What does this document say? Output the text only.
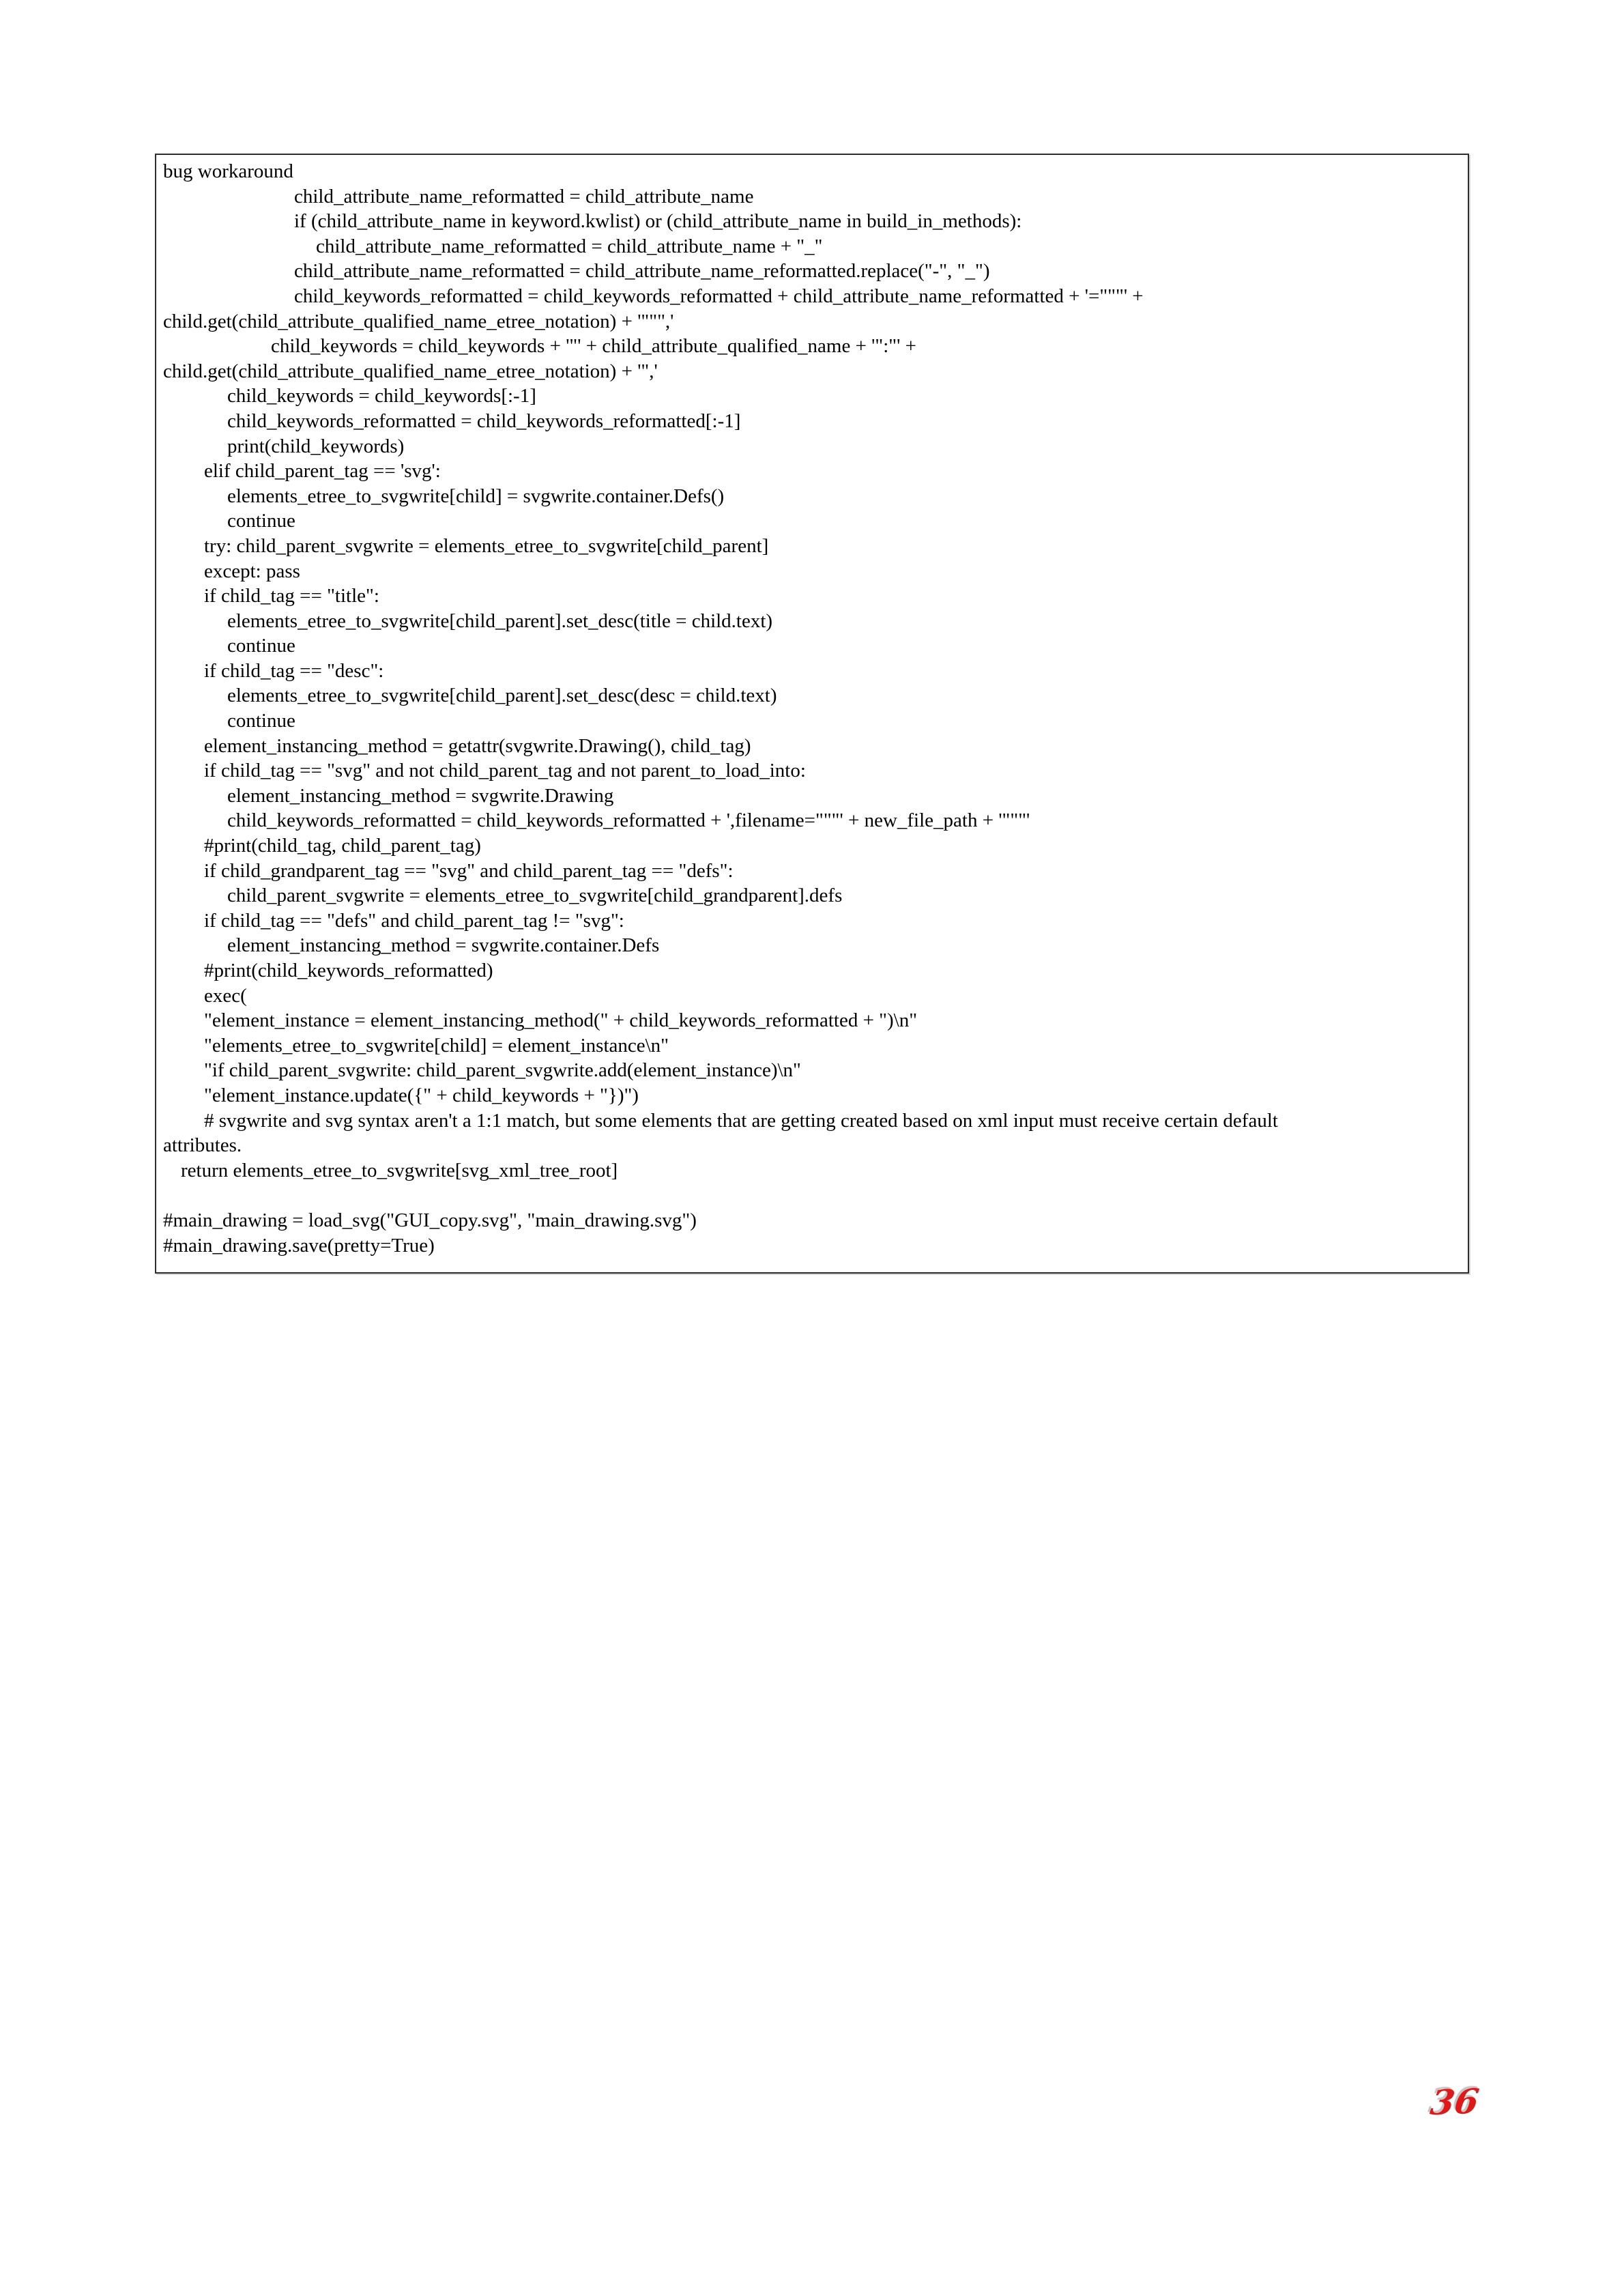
bug workaround
child_attribute_name_reformatted = child_attribute_name
if (child_attribute_name in keyword.kwlist) or (child_attribute_name in build_in_methods):
child_attribute_name_reformatted = child_attribute_name + "_"
child_attribute_name_reformatted = child_attribute_name_reformatted.replace("-", "_")
child_keywords_reformatted = child_keywords_reformatted + child_attribute_name_reformatted + '="""' +
child.get(child_attribute_qualified_name_etree_notation) + '""",'
child_keywords = child_keywords + '"' + child_attribute_qualified_name + '":"' +
child.get(child_attribute_qualified_name_etree_notation) + '",'
child_keywords = child_keywords[:-1]
child_keywords_reformatted = child_keywords_reformatted[:-1]
print(child_keywords)
elif child_parent_tag == 'svg':
elements_etree_to_svgwrite[child] = svgwrite.container.Defs()
continue
try: child_parent_svgwrite = elements_etree_to_svgwrite[child_parent]
except: pass
if child_tag == "title":
elements_etree_to_svgwrite[child_parent].set_desc(title = child.text)
continue
if child_tag == "desc":
elements_etree_to_svgwrite[child_parent].set_desc(desc = child.text)
continue
element_instancing_method = getattr(svgwrite.Drawing(), child_tag)
if child_tag == "svg" and not child_parent_tag and not parent_to_load_into:
element_instancing_method = svgwrite.Drawing
child_keywords_reformatted = child_keywords_reformatted + ',filename="""' + new_file_path + '"""'
#print(child_tag, child_parent_tag)
if child_grandparent_tag == "svg" and child_parent_tag == "defs":
child_parent_svgwrite = elements_etree_to_svgwrite[child_grandparent].defs
if child_tag == "defs" and child_parent_tag != "svg":
element_instancing_method = svgwrite.container.Defs
#print(child_keywords_reformatted)
exec(
"element_instance = element_instancing_method(" + child_keywords_reformatted + ")\n"
"elements_etree_to_svgwrite[child] = element_instance\n"
"if child_parent_svgwrite: child_parent_svgwrite.add(element_instance)\n"
"element_instance.update({" + child_keywords + "})")
# svgwrite and svg syntax aren't a 1:1 match, but some elements that are getting created based on xml input must receive certain default
attributes.
return elements_etree_to_svgwrite[svg_xml_tree_root]

#main_drawing = load_svg("GUI_copy.svg", "main_drawing.svg")
#main_drawing.save(pretty=True)
36
